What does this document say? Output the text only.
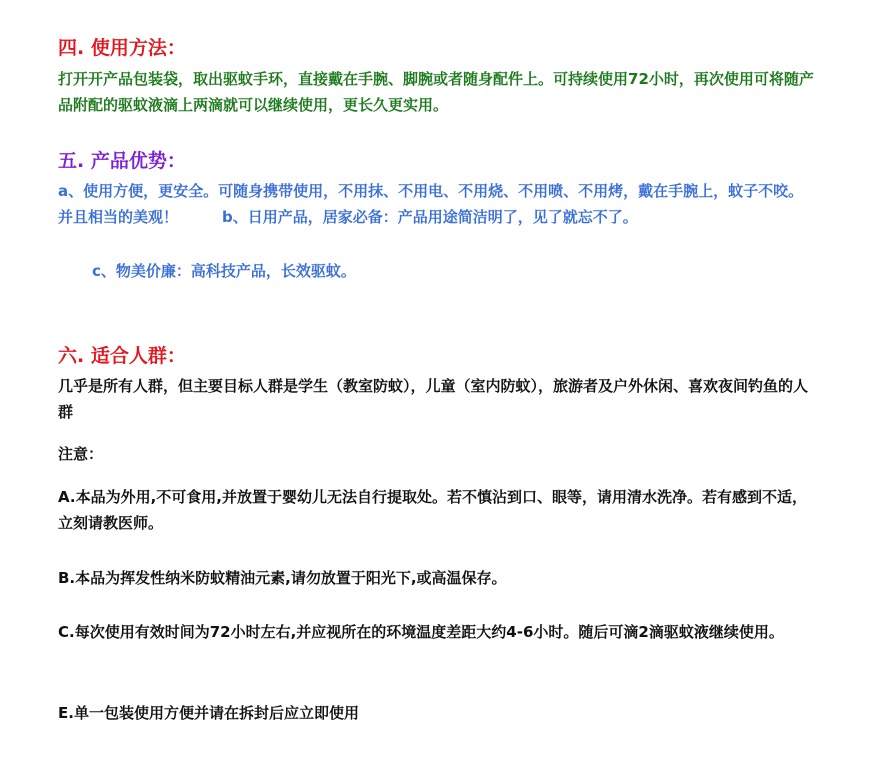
四. 使用方法：

打开开产品包装袋，取出驱蚊手环，直接戴在手腕、脚腕或者随身配件上。可持续使用72小时，再次使用可将随产品附配的驱蚊液滴上两滴就可以继续使用，更长久更实用。

五. 产品优势：

a、使用方便，更安全。可随身携带使用，不用抹、不用电、不用烧、不用喷、不用烤，戴在手腕上，蚊子不咬。并且相当的美观！	b、日用产品，居家必备：产品用途简洁明了，见了就忘不了。

c、物美价廉：高科技产品，长效驱蚊。

六. 适合人群：

几乎是所有人群，但主要目标人群是学生（教室防蚊），儿童（室内防蚊），旅游者及户外休闲、喜欢夜间钓鱼的人群

注意：

A.本品为外用,不可食用,并放置于婴幼儿无法自行提取处。若不慎沾到口、眼等，请用清水洗净。若有感到不适，立刻请教医师。

B.本品为挥发性纳米防蚊精油元素,请勿放置于阳光下,或高温保存。

C.每次使用有效时间为72小时左右,并应视所在的环境温度差距大约4-6小时。随后可滴2滴驱蚊液继续使用。

E.单一包装使用方便并请在拆封后应立即使用
